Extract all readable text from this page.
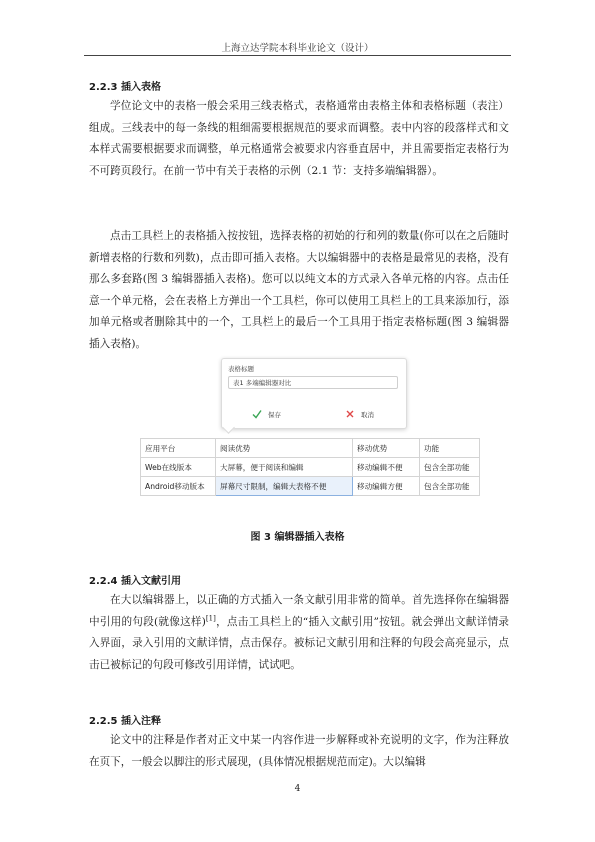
上海立达学院本科毕业论文（设计）
2.2.3 插入表格

学位论文中的表格一般会采用三线表格式，表格通常由表格主体和表格标题（表注）组成。三线表中的每一条线的粗细需要根据规范的要求而调整。表中内容的段落样式和文本样式需要根据要求而调整，单元格通常会被要求内容垂直居中，并且需要指定表格行为不可跨页段行。在前一节中有关于表格的示例（2.1 节：支持多端编辑器）。

点击工具栏上的表格插入按按钮，选择表格的初始的行和列的数量(你可以在之后随时新增表格的行数和列数)，点击即可插入表格。大以编辑器中的表格是最常见的表格，没有那么多套路(图 3 编辑器插入表格)。您可以以纯文本的方式录入各单元格的内容。点击任意一个单元格，会在表格上方弹出一个工具栏，你可以使用工具栏上的工具来添加行，添加单元格或者删除其中的一个，工具栏上的最后一个工具用于指定表格标题(图 3 编辑器插入表格)。

表格标题
表1 多端编辑器对比
保存	取消
应用平台	阅读优势	移动优势	功能
Web在线版本	大屏幕，便于阅读和编辑	移动编辑不便	包含全部功能
Android移动版本	屏幕尺寸限制，编辑大表格不便	移动编辑方便	包含全部功能
图 3 编辑器插入表格
2.2.4 插入文献引用

在大以编辑器上，以正确的方式插入一条文献引用非常的简单。首先选择你在编辑器中引用的句段(就像这样)[1]，点击工具栏上的“插入文献引用”按钮。就会弹出文献详情录入界面，录入引用的文献详情，点击保存。被标记文献引用和注释的句段会高亮显示，点击已被标记的句段可修改引用详情，试试吧。

2.2.5 插入注释

论文中的注释是作者对正文中某一内容作进一步解释或补充说明的文字，作为注释放在页下，一般会以脚注的形式展现，(具体情况根据规范而定)。大以编辑

4
